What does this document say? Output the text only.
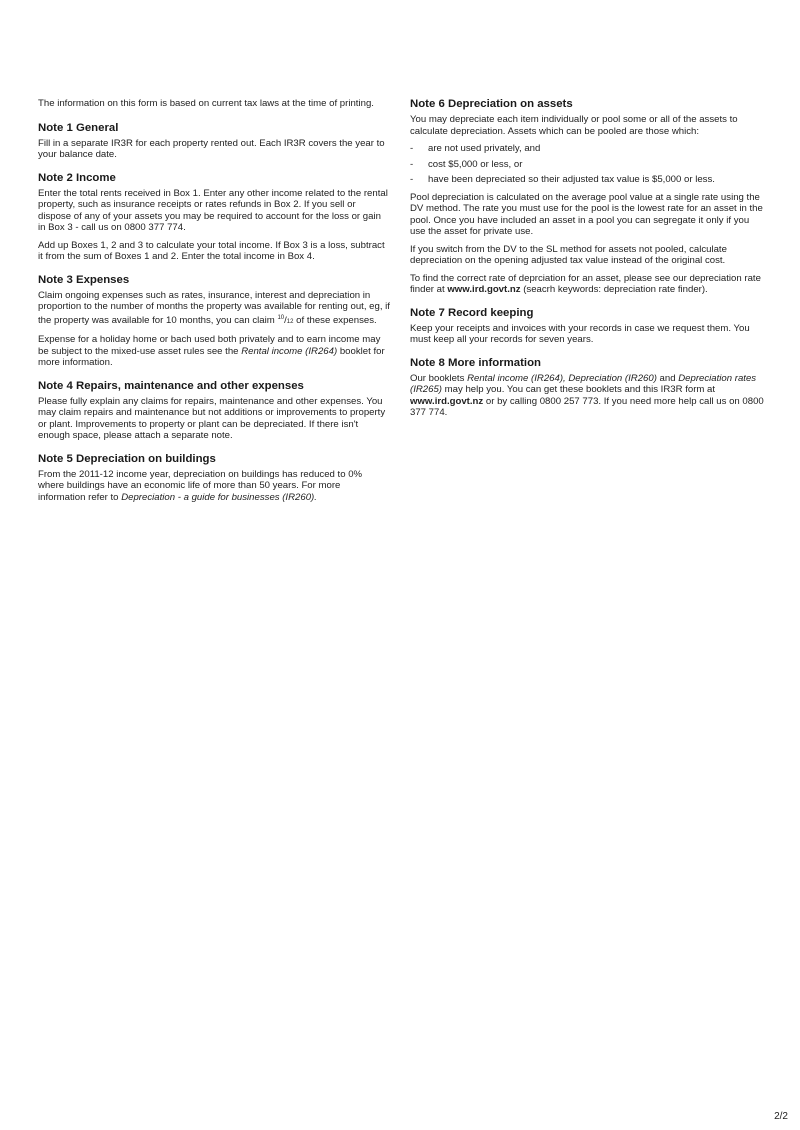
The information on this form is based on current tax laws at the time of printing.

Note 1 General

Fill in a separate IR3R for each property rented out. Each IR3R covers the year to your balance date.

Note 2 Income

Enter the total rents received in Box 1. Enter any other income related to the rental property, such as insurance receipts or rates refunds in Box 2. If you sell or dispose of any of your assets you may be required to account for the loss or gain in Box 3 - call us on 0800 377 774.

Add up Boxes 1, 2 and 3 to calculate your total income. If Box 3 is a loss, subtract it from the sum of Boxes 1 and 2. Enter the total income in Box 4.

Note 3 Expenses

Claim ongoing expenses such as rates, insurance, interest and depreciation in proportion to the number of months the property was available for renting out, eg, if the property was available for 10 months, you can claim $^{10}$/12 of these expenses.

Expense for a holiday home or bach used both privately and to earn income may be subject to the mixed-use asset rules see the Rental income (IR264) booklet for more information.

Note 4 Repairs, maintenance and other expenses

Please fully explain any claims for repairs, maintenance and other expenses. You may claim repairs and maintenance but not additions or improvements to property or plant. Improvements to property or plant can be depreciated. If there isn't enough space, please attach a separate note.

Note 5 Depreciation on buildings

From the 2011-12 income year, depreciation on buildings has reduced to 0% where buildings have an economic life of more than 50 years. For more information refer to Depreciation - a guide for businesses (IR260).

Note 6 Depreciation on assets

You may depreciate each item individually or pool some or all of the assets to calculate depreciation. Assets which can be pooled are those which:

-	are not used privately, and
-	cost $5,000 or less, or
-	have been depreciated so their adjusted tax value is $5,000 or less.

Pool depreciation is calculated on the average pool value at a single rate using the DV method. The rate you must use for the pool is the lowest rate for an asset in the pool. Once you have included an asset in a pool you can segregate it only if you use the asset for private use.

If you switch from the DV to the SL method for assets not pooled, calculate depreciation on the opening adjusted tax value instead of the original cost.

To find the correct rate of deprciation for an asset, please see our depreciation rate finder at www.ird.govt.nz (seacrh keywords: depreciation rate finder).

Note 7 Record keeping

Keep your receipts and invoices with your records in case we request them. You must keep all your records for seven years.

Note 8 More information

Our booklets Rental income (IR264), Depreciation (IR260) and Depreciation rates (IR265) may help you. You can get these booklets and this IR3R form at www.ird.govt.nz or by calling 0800 257 773. If you need more help call us on 0800 377 774.

2/2
